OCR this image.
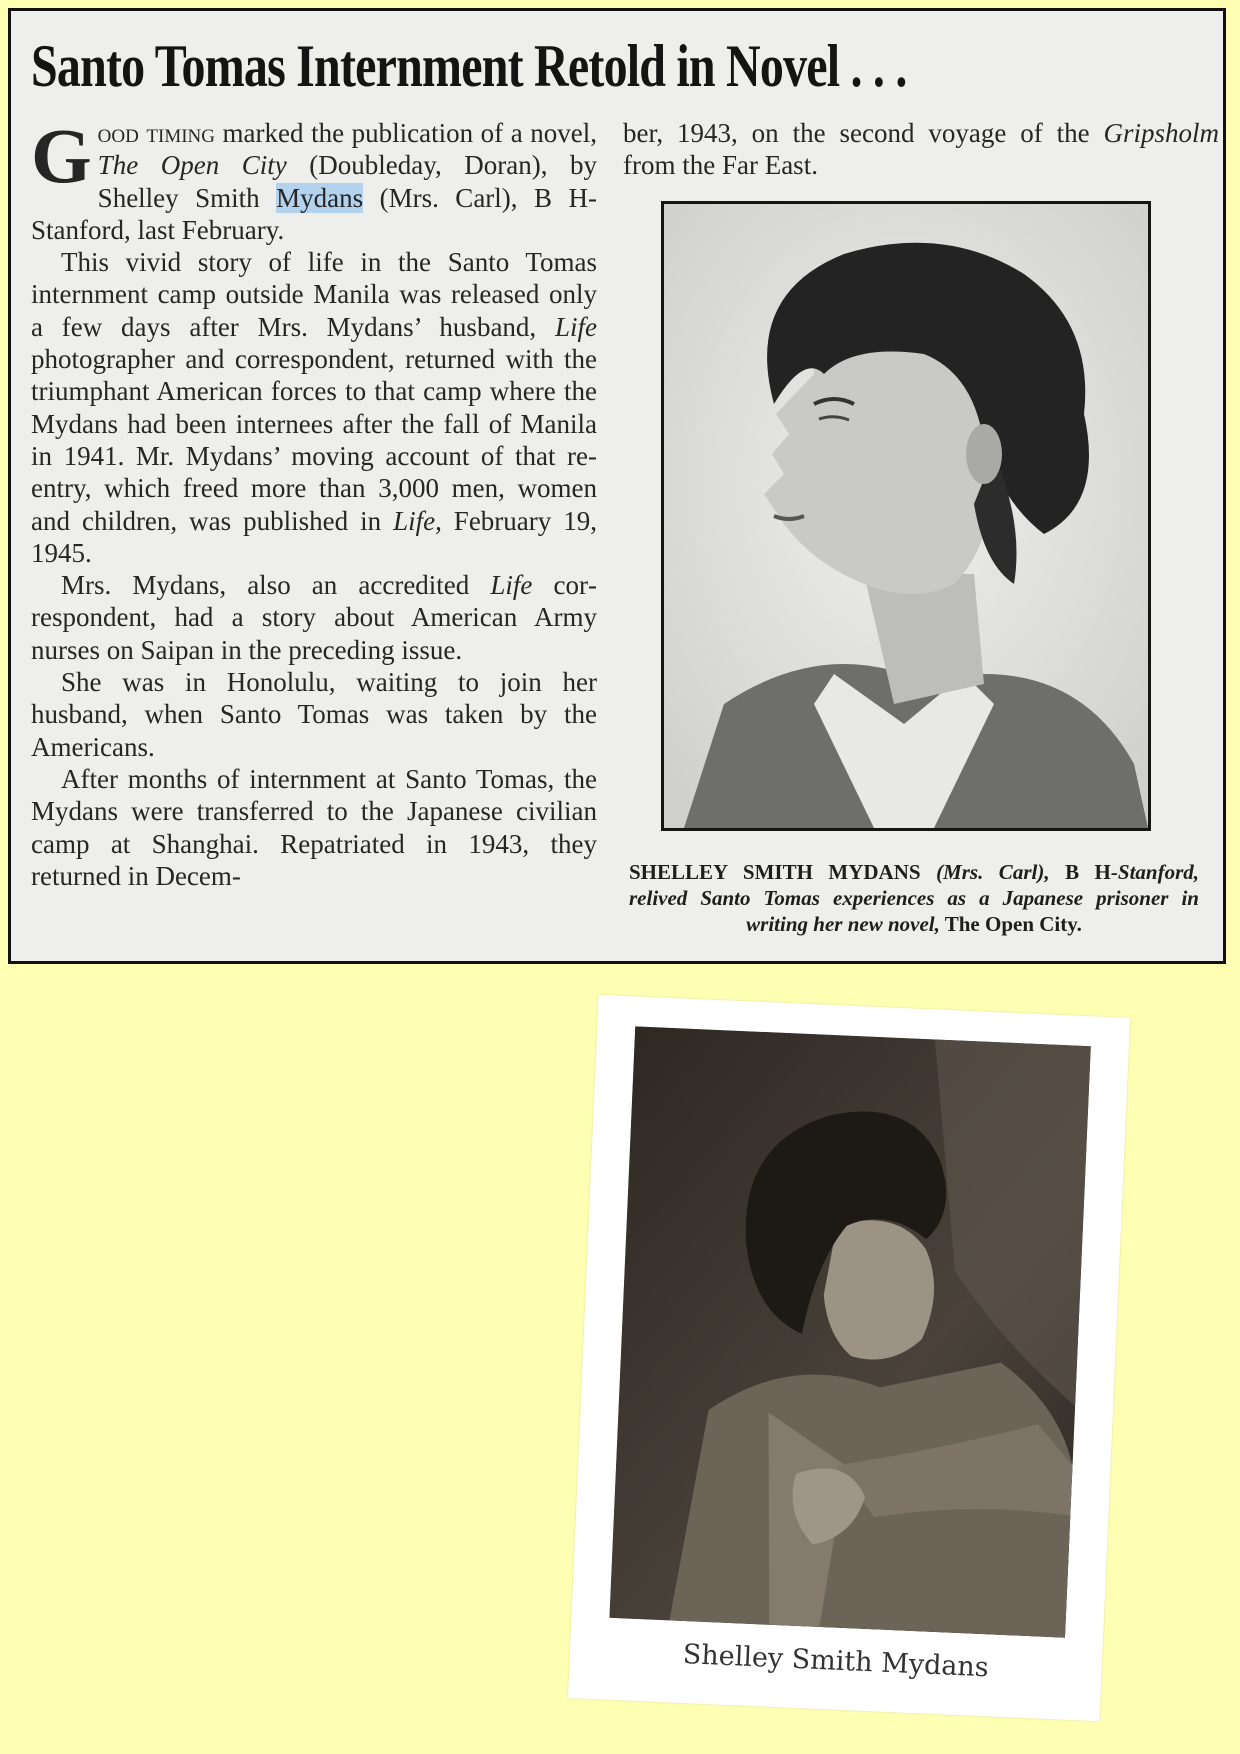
Santo Tomas Internment Retold in Novel . . .

Good timing marked the publication of a novel, The Open City (Doubleday, Doran), by Shelley Smith Mydans (Mrs. Carl), B H-Stanford, last February.

This vivid story of life in the Santo Tomas internment camp outside Manila was released only a few days after Mrs. Mydans’ husband, Life photographer and correspondent, returned with the triumphant American forces to that camp where the Mydans had been internees after the fall of Manila in 1941. Mr. Mydans’ moving account of that re-entry, which freed more than 3,000 men, women and children, was published in Life, February 19, 1945.

Mrs. Mydans, also an accredited Life correspondent, had a story about American Army nurses on Saipan in the preceding issue.

She was in Honolulu, waiting to join her husband, when Santo Tomas was taken by the Americans.

After months of internment at Santo Tomas, the Mydans were transferred to the Japanese civilian camp at Shanghai. Repatriated in 1943, they returned in Decem-

ber, 1943, on the second voyage of the Gripsholm from the Far East.

SHELLEY SMITH MYDANS (Mrs. Carl), B H-Stanford, relived Santo Tomas experiences as a Japanese prisoner in writing her new novel, The Open City.
Shelley Smith Mydans
